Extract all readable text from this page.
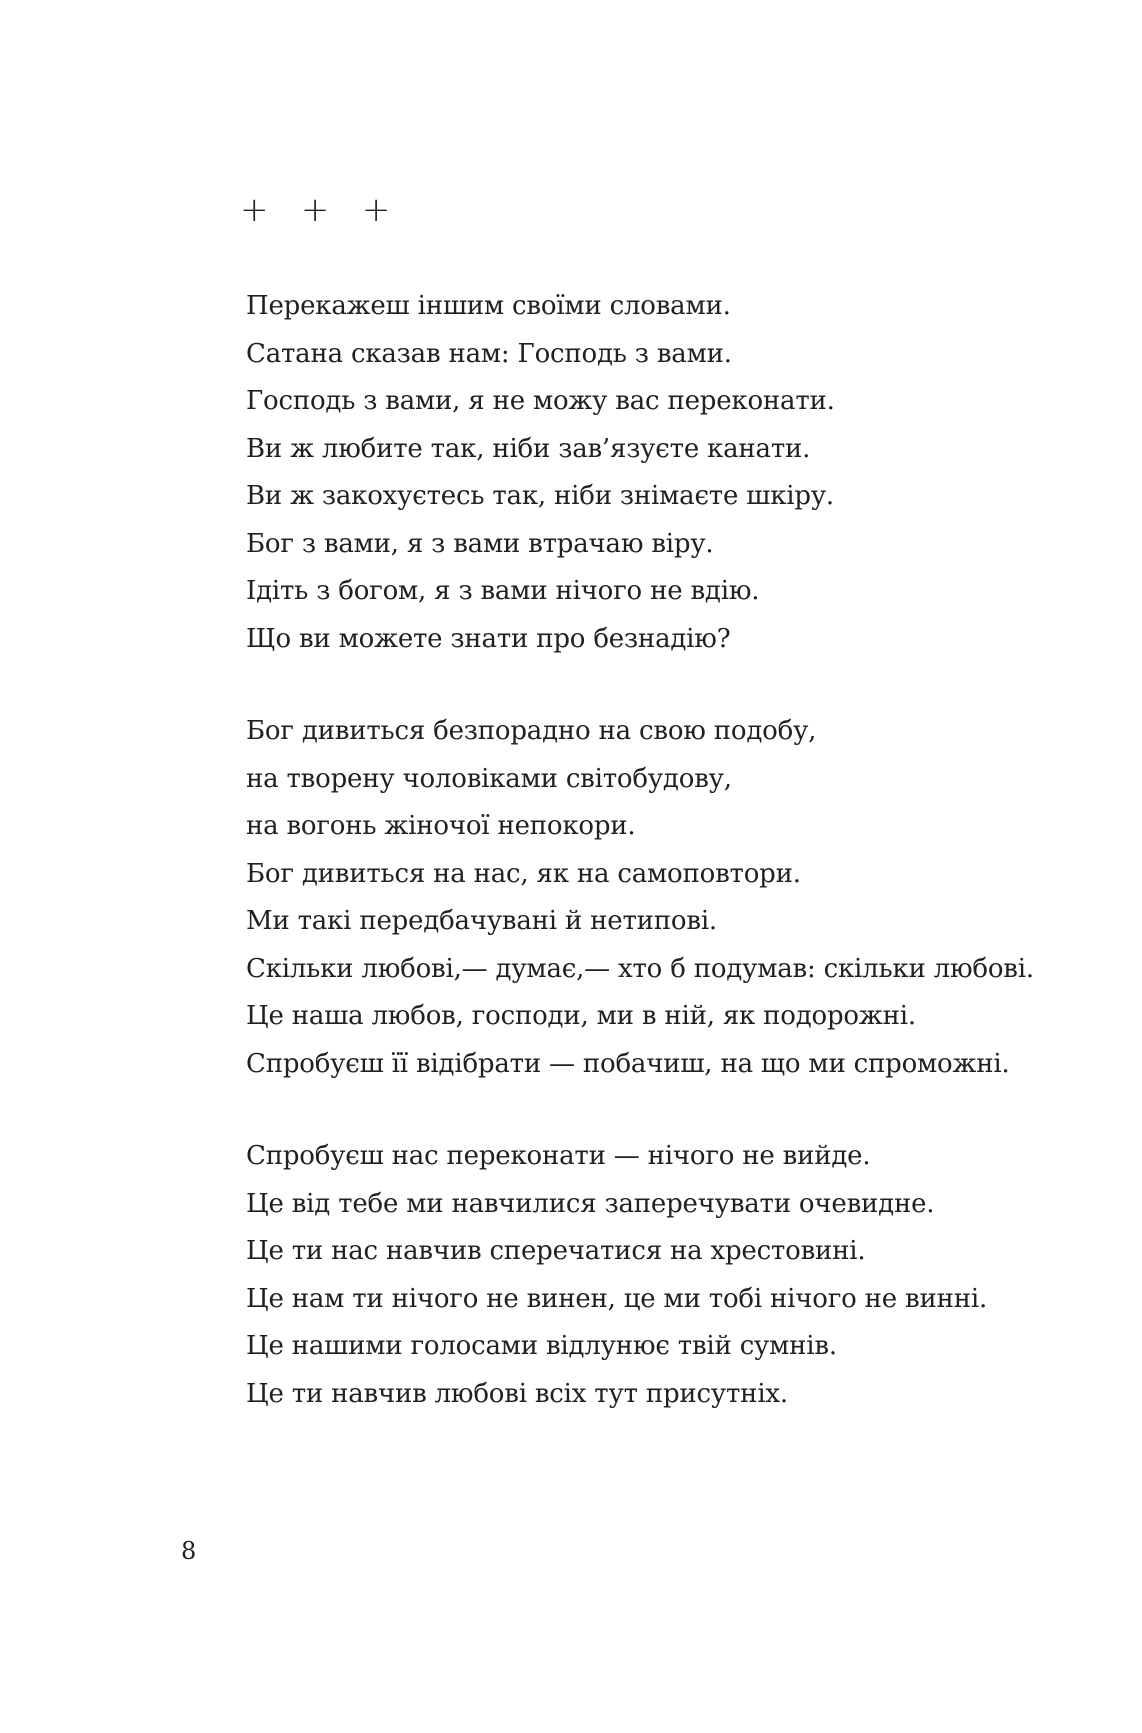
+   +   +
Перекажеш іншим своїми словами.
Сатана сказав нам: Господь з вами.
Господь з вами, я не можу вас переконати.
Ви ж любите так, ніби зав’язуєте канати.
Ви ж закохуєтесь так, ніби знімаєте шкіру.
Бог з вами, я з вами втрачаю віру.
Ідіть з богом, я з вами нічого не вдію.
Що ви можете знати про безнадію?
Бог дивиться безпорадно на свою подобу,
на творену чоловіками світобудову,
на вогонь жіночої непокори.
Бог дивиться на нас, як на самоповтори.
Ми такі передбачувані й нетипові.
Скільки любові,— думає,— хто б подумав: скільки любові.
Це наша любов, господи, ми в ній, як подорожні.
Спробуєш її відібрати — побачиш, на що ми спроможні.
Спробуєш нас переконати — нічого не вийде.
Це від тебе ми навчилися заперечувати очевидне.
Це ти нас навчив сперечатися на хрестовині.
Це нам ти нічого не винен, це ми тобі нічого не винні.
Це нашими голосами відлунює твій сумнів.
Це ти навчив любові всіх тут присутніх.
8
